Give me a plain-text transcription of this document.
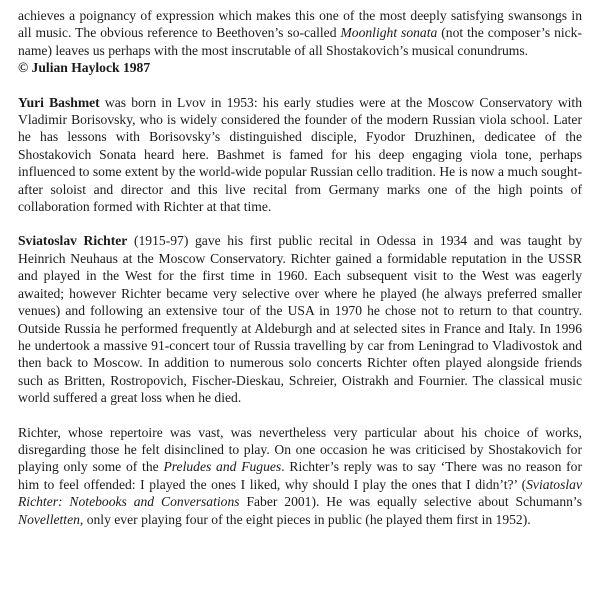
achieves a poignancy of expression which makes this one of the most deeply satisfying swansongs in all music. The obvious reference to Beethoven’s so-called Moonlight sonata (not the composer’s nick-name) leaves us perhaps with the most inscrutable of all Shostakovich’s musical conundrums.

© Julian Haylock 1987

Yuri Bashmet was born in Lvov in 1953: his early studies were at the Moscow Conservatory with Vladimir Borisovsky, who is widely considered the founder of the modern Russian viola school. Later he has lessons with Borisovsky’s distinguished disciple, Fyodor Druzhinen, dedicatee of the Shostakovich Sonata heard here. Bashmet is famed for his deep engaging viola tone, perhaps influenced to some extent by the world-wide popular Russian cello tradition. He is now a much sought-after soloist and director and this live recital from Germany marks one of the high points of collaboration formed with Richter at that time.

Sviatoslav Richter (1915-97) gave his first public recital in Odessa in 1934 and was taught by Heinrich Neuhaus at the Moscow Conservatory. Richter gained a formidable reputation in the USSR and played in the West for the first time in 1960. Each subsequent visit to the West was eagerly awaited; however Richter became very selective over where he played (he always preferred smaller venues) and following an extensive tour of the USA in 1970 he chose not to return to that country. Outside Russia he performed frequently at Aldeburgh and at selected sites in France and Italy. In 1996 he undertook a massive 91-concert tour of Russia travelling by car from Leningrad to Vladivostok and then back to Moscow. In addition to numerous solo concerts Richter often played alongside friends such as Britten, Rostropovich, Fischer-Dieskau, Schreier, Oistrakh and Fournier. The classical music world suffered a great loss when he died.

Richter, whose repertoire was vast, was nevertheless very particular about his choice of works, disregarding those he felt disinclined to play. On one occasion he was criticised by Shostakovich for playing only some of the Preludes and Fugues. Richter’s reply was to say ‘There was no reason for him to feel offended: I played the ones I liked, why should I play the ones that I didn’t?’ (Sviatoslav Richter: Notebooks and Conversations Faber 2001). He was equally selective about Schumann’s Novelletten, only ever playing four of the eight pieces in public (he played them first in 1952).
